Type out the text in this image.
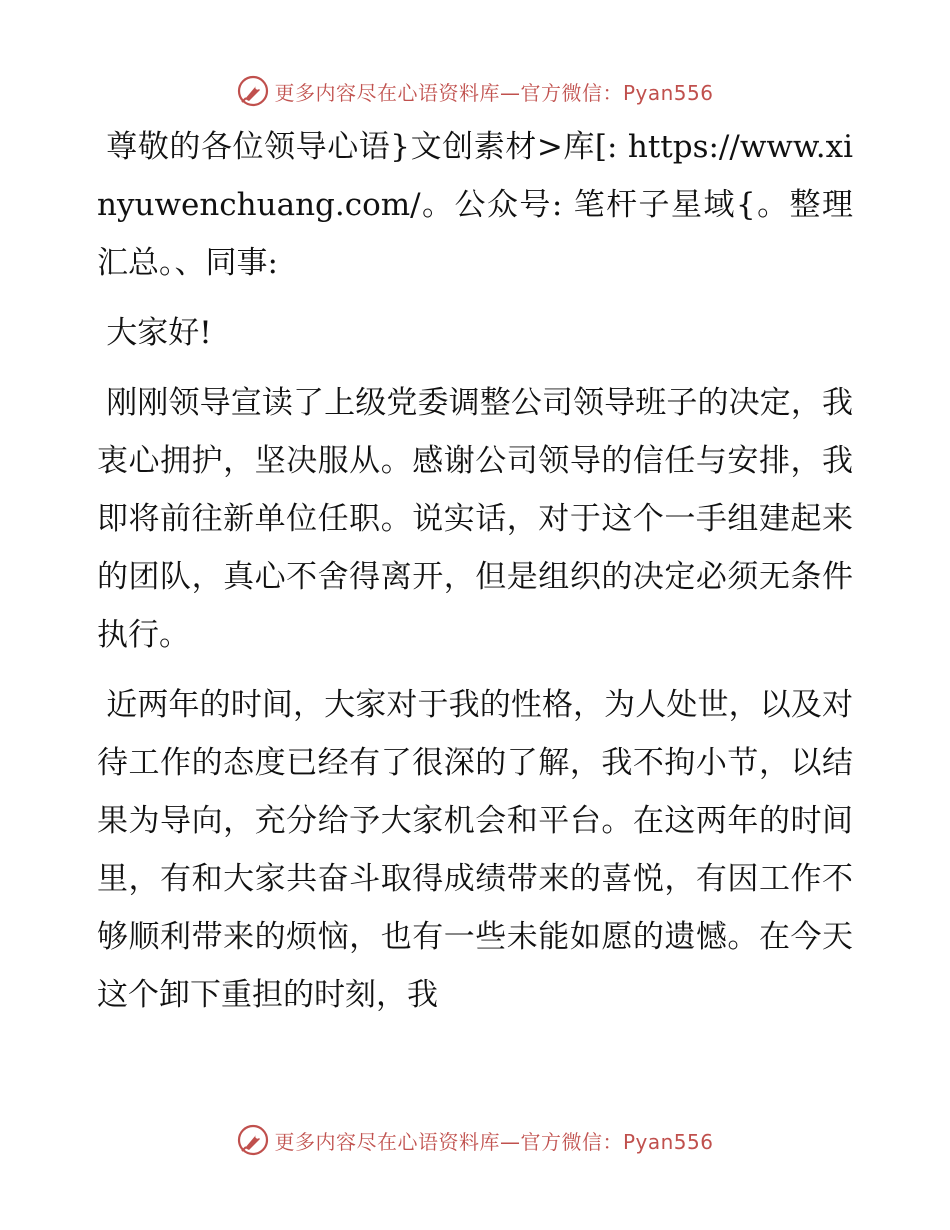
更多内容尽在心语资料库—官方微信：Pyan556

尊敬的各位领导心语}文创素材>库[: https://www.xinyuwenchuang.com/。公众号: 笔杆子星域{。整理汇总。、同事:

大家好!

刚刚领导宣读了上级党委调整公司领导班子的决定，我衷心拥护，坚决服从。感谢公司领导的信任与安排，我即将前往新单位任职。说实话，对于这个一手组建起来的团队，真心不舍得离开，但是组织的决定必须无条件执行。

近两年的时间，大家对于我的性格，为人处世，以及对待工作的态度已经有了很深的了解，我不拘小节，以结果为导向，充分给予大家机会和平台。在这两年的时间里，有和大家共奋斗取得成绩带来的喜悦，有因工作不够顺利带来的烦恼，也有一些未能如愿的遗憾。在今天这个卸下重担的时刻，我

更多内容尽在心语资料库—官方微信：Pyan556
